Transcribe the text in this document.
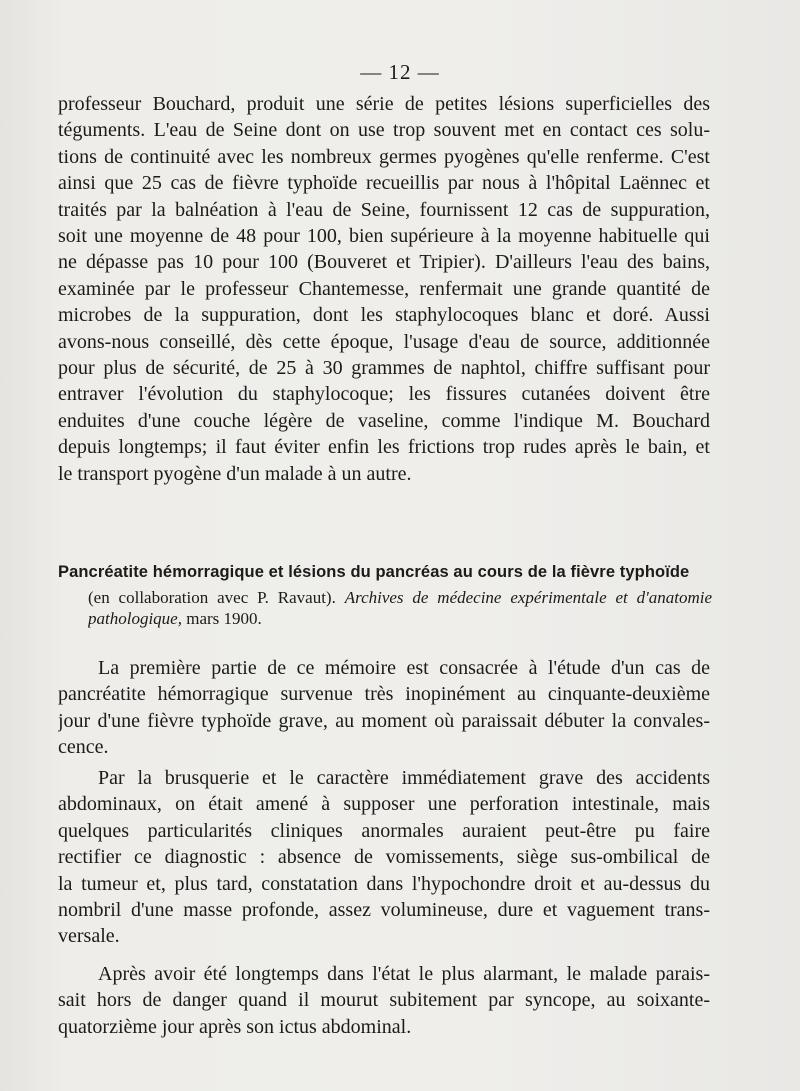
— 12 —
professeur Bouchard, produit une série de petites lésions superficielles des
téguments. L'eau de Seine dont on use trop souvent met en contact ces solu-
tions de continuité avec les nombreux germes pyogènes qu'elle renferme. C'est
ainsi que 25 cas de fièvre typhoïde recueillis par nous à l'hôpital Laënnec et
traités par la balnéation à l'eau de Seine, fournissent 12 cas de suppuration,
soit une moyenne de 48 pour 100, bien supérieure à la moyenne habituelle qui
ne dépasse pas 10 pour 100 (Bouveret et Tripier). D'ailleurs l'eau des bains,
examinée par le professeur Chantemesse, renfermait une grande quantité de
microbes de la suppuration, dont les staphylocoques blanc et doré. Aussi
avons-nous conseillé, dès cette époque, l'usage d'eau de source, additionnée
pour plus de sécurité, de 25 à 30 grammes de naphtol, chiffre suffisant pour
entraver l'évolution du staphylocoque; les fissures cutanées doivent être
enduites d'une couche légère de vaseline, comme l'indique M. Bouchard
depuis longtemps; il faut éviter enfin les frictions trop rudes après le bain, et
le transport pyogène d'un malade à un autre.
Pancréatite hémorragique et lésions du pancréas au cours de la fièvre typhoïde
(en collaboration avec P. Ravaut). Archives de médecine expérimentale et d'anatomie
pathologique, mars 1900.
La première partie de ce mémoire est consacrée à l'étude d'un cas de
pancréatite hémorragique survenue très inopinément au cinquante-deuxième
jour d'une fièvre typhoïde grave, au moment où paraissait débuter la convales-
cence.
Par la brusquerie et le caractère immédiatement grave des accidents
abdominaux, on était amené à supposer une perforation intestinale, mais
quelques particularités cliniques anormales auraient peut-être pu faire
rectifier ce diagnostic : absence de vomissements, siège sus-ombilical de
la tumeur et, plus tard, constatation dans l'hypochondre droit et au-dessus du
nombril d'une masse profonde, assez volumineuse, dure et vaguement trans-
versale.
Après avoir été longtemps dans l'état le plus alarmant, le malade parais-
sait hors de danger quand il mourut subitement par syncope, au soixante-
quatorzième jour après son ictus abdominal.
